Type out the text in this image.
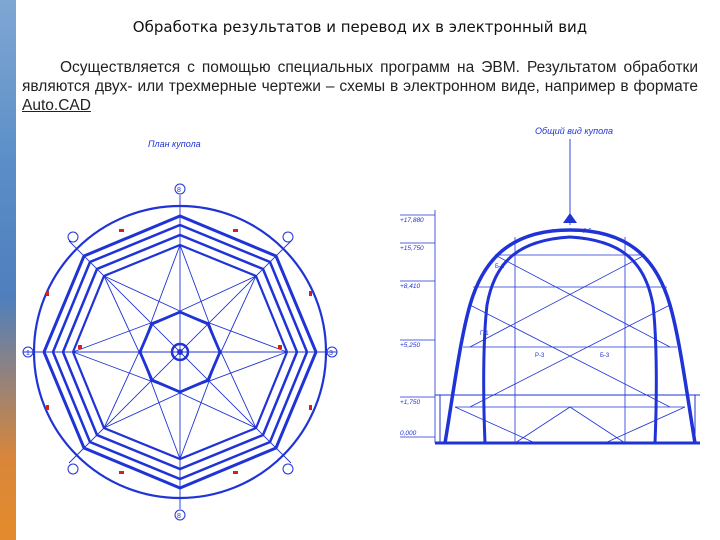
Обработка результатов и перевод их в электронный вид
Осуществляется с помощью специальных программ на ЭВМ. Результатом обработки являются двух- или трехмерные чертежи – схемы в электронном виде, например в формате Auto.CAD
План купола
8
8
1	3
Общий вид купола
+17,880
+15,750
+8,410
+5,250
+1,750
0,000
Б-1
Г-1
Р-3	Б-3
Г-5
